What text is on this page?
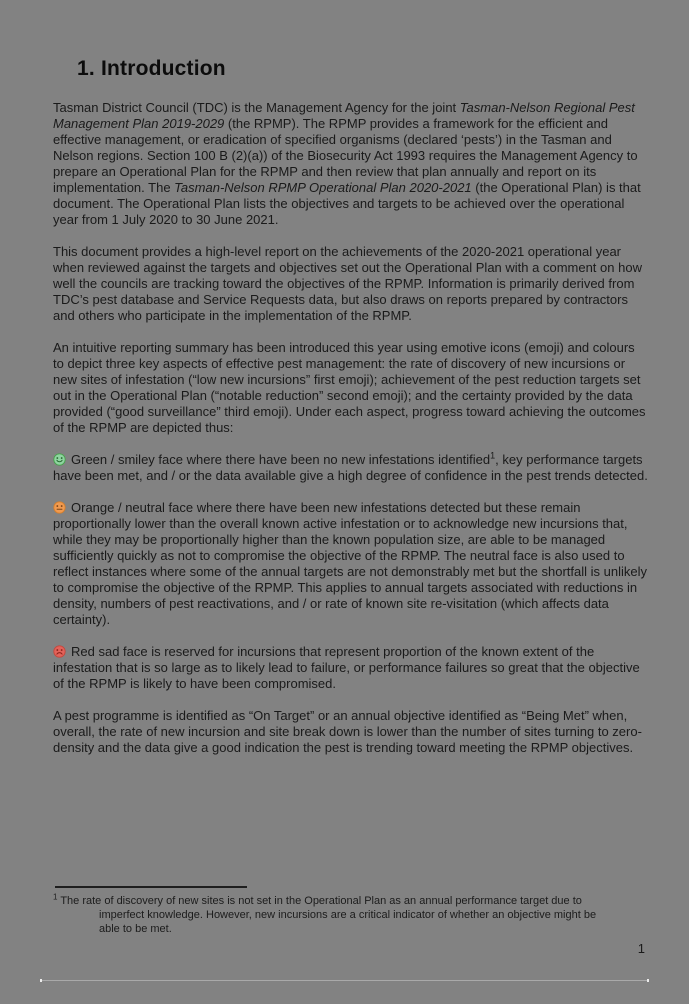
1. Introduction

Tasman District Council (TDC) is the Management Agency for the joint Tasman-Nelson Regional Pest Management Plan 2019-2029 (the RPMP). The RPMP provides a framework for the efficient and effective management, or eradication of specified organisms (declared ‘pests’) in the Tasman and Nelson regions. Section 100 B (2)(a)) of the Biosecurity Act 1993 requires the Management Agency to prepare an Operational Plan for the RPMP and then review that plan annually and report on its implementation. The Tasman-Nelson RPMP Operational Plan 2020-2021 (the Operational Plan) is that document. The Operational Plan lists the objectives and targets to be achieved over the operational year from 1 July 2020 to 30 June 2021.

This document provides a high-level report on the achievements of the 2020-2021 operational year when reviewed against the targets and objectives set out the Operational Plan with a comment on how well the councils are tracking toward the objectives of the RPMP. Information is primarily derived from TDC’s pest database and Service Requests data, but also draws on reports prepared by contractors and others who participate in the implementation of the RPMP.

An intuitive reporting summary has been introduced this year using emotive icons (emoji) and colours to depict three key aspects of effective pest management: the rate of discovery of new incursions or new sites of infestation (“low new incursions” first emoji); achievement of the pest reduction targets set out in the Operational Plan (“notable reduction” second emoji); and the certainty provided by the data provided (“good surveillance” third emoji). Under each aspect, progress toward achieving the outcomes of the RPMP are depicted thus:

Green / smiley face where there have been no new infestations identified$^1$, key performance targets have been met, and / or the data available give a high degree of confidence in the pest trends detected.

Orange / neutral face where there have been new infestations detected but these remain proportionally lower than the overall known active infestation or to acknowledge new incursions that, while they may be proportionally higher than the known population size, are able to be managed sufficiently quickly as not to compromise the objective of the RPMP. The neutral face is also used to reflect instances where some of the annual targets are not demonstrably met but the shortfall is unlikely to compromise the objective of the RPMP. This applies to annual targets associated with reductions in density, numbers of pest reactivations, and / or rate of known site re-visitation (which affects data certainty).

Red sad face is reserved for incursions that represent proportion of the known extent of the infestation that is so large as to likely lead to failure, or performance failures so great that the objective of the RPMP is likely to have been compromised.

A pest programme is identified as “On Target” or an annual objective identified as “Being Met” when, overall, the rate of new incursion and site break down is lower than the number of sites turning to zero-density and the data give a good indication the pest is trending toward meeting the RPMP objectives.

$^1$ The rate of discovery of new sites is not set in the Operational Plan as an annual performance target due to imperfect knowledge. However, new incursions are a critical indicator of whether an objective might be able to be met.

1
